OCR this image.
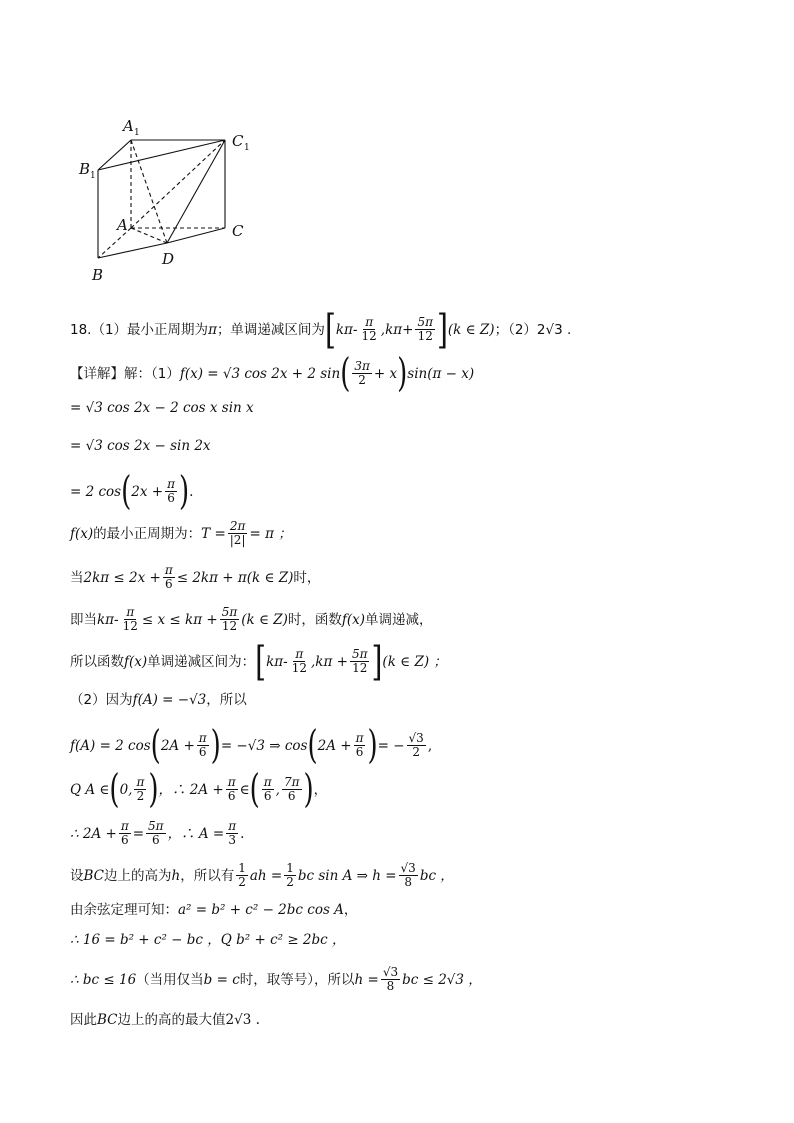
A 1
B 1
C 1
A	C
B
D
18.（1）最小正周期为 π ；单调递减区间为 [ $k\pi- \frac{\pi}{12} ,k\pi+ \frac{5\pi}{12}$ ] (k ∈ Z) ；（2）2√3 .
【详解】解：（1） f(x) = √3 cos 2x + 2 sin ( $\frac{3\pi}{2} + x$ ) sin(π − x)
= √3 cos 2x − 2 cos x sin x
= √3 cos 2x − sin 2x
= 2 cos ( $2x + \frac{\pi}{6}$ ) .
f(x) 的最小正周期为： $T = \frac{2\pi}{|2|} = \pi$ ；
当 $2k\pi \le 2x + \frac{\pi}{6} \le 2k\pi + \pi(k$ ∈ Z) 时，
即当 $k\pi- \frac{\pi}{12} \le x \le k\pi + \frac{5\pi}{12} (k$ ∈ Z) 时，函数 f(x) 单调递减，
所以函数 f(x) 单调递减区间为： [ $k\pi- \frac{\pi}{12} ,k\pi + \frac{5\pi}{12}$ ] (k ∈ Z) ；
（2）因为 f(A) = −√3 ，所以
f(A) = 2 cos ( $2A + \frac{\pi}{6}$ ) = −√3 ⇒ cos ( $2A + \frac{\pi}{6}$ ) = − $\frac{√3}{2}$ ,
Q A ∈ ( 0, $\frac{\pi}{2}$ ) ，∴ $2A + \frac{\pi}{6}$ ∈ ( $\frac{\pi}{6}$ , $\frac{7\pi}{6}$ ) ，
∴ $2A + \frac{\pi}{6} = \frac{5\pi}{6}$ ，∴ $A = \frac{\pi}{3}$ .
设 BC 边上的高为 h ，所以有 $\frac{1}{2}$ ah = $\frac{1}{2}$ bc sin A ⇒ $h = \frac{√3}{8}$ bc ，
由余弦定理可知： a² = b² + c² − 2bc cos A ，
∴ 16 = b² + c² − bc ，Q b² + c² ≥ 2bc ，
∴ bc ≤ 16 （当用仅当 b = c 时，取等号），所以 $h = \frac{√3}{8}$ bc ≤ 2√3 ，
因此 BC 边上的高的最大值 2√3 .
